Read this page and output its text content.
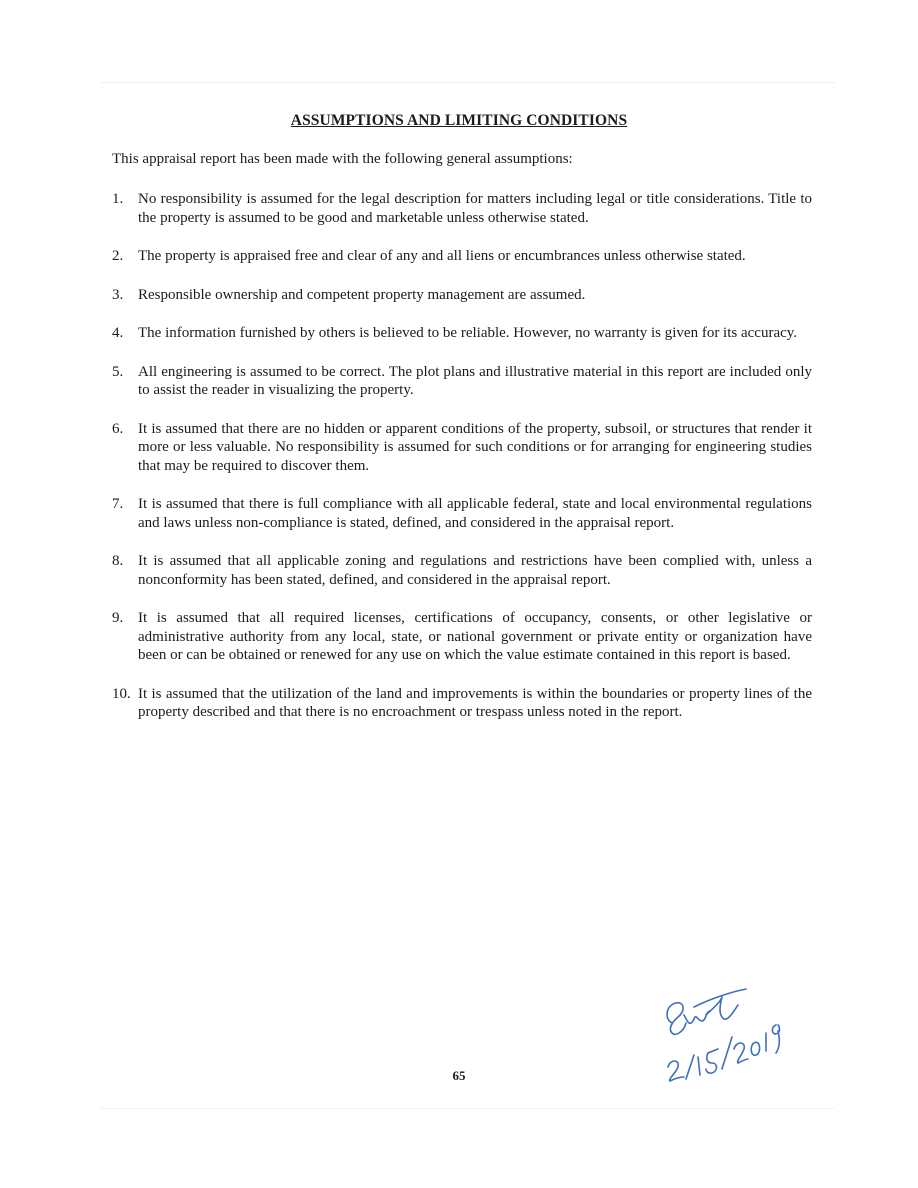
ASSUMPTIONS AND LIMITING CONDITIONS
This appraisal report has been made with the following general assumptions:
1. No responsibility is assumed for the legal description for matters including legal or title considerations. Title to the property is assumed to be good and marketable unless otherwise stated.
2. The property is appraised free and clear of any and all liens or encumbrances unless otherwise stated.
3. Responsible ownership and competent property management are assumed.
4. The information furnished by others is believed to be reliable. However, no warranty is given for its accuracy.
5. All engineering is assumed to be correct. The plot plans and illustrative material in this report are included only to assist the reader in visualizing the property.
6. It is assumed that there are no hidden or apparent conditions of the property, subsoil, or structures that render it more or less valuable. No responsibility is assumed for such conditions or for arranging for engineering studies that may be required to discover them.
7. It is assumed that there is full compliance with all applicable federal, state and local environmental regulations and laws unless non-compliance is stated, defined, and considered in the appraisal report.
8. It is assumed that all applicable zoning and regulations and restrictions have been complied with, unless a nonconformity has been stated, defined, and considered in the appraisal report.
9. It is assumed that all required licenses, certifications of occupancy, consents, or other legislative or administrative authority from any local, state, or national government or private entity or organization have been or can be obtained or renewed for any use on which the value estimate contained in this report is based.
10. It is assumed that the utilization of the land and improvements is within the boundaries or property lines of the property described and that there is no encroachment or trespass unless noted in the report.
65
